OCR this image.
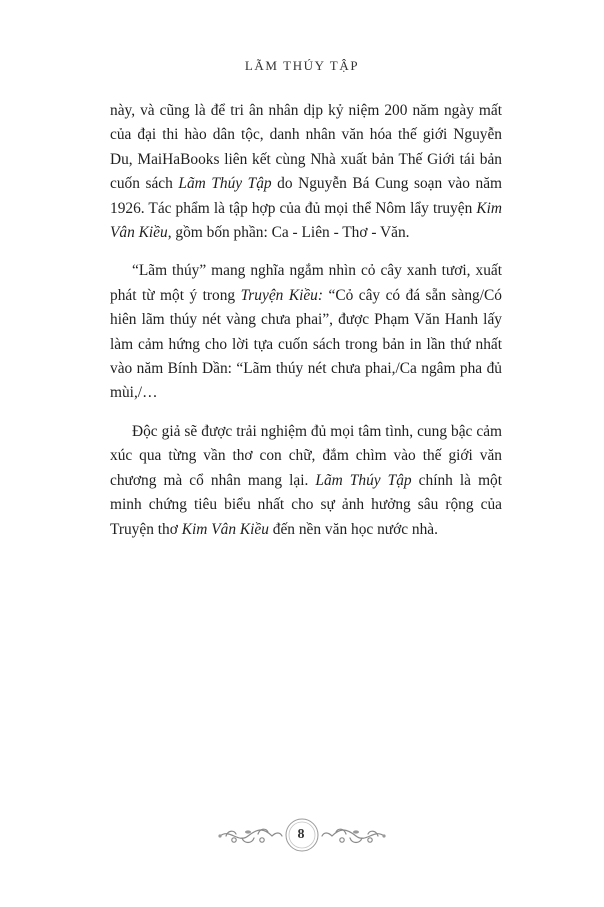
LÃM THÚY TẬP

này, và cũng là để tri ân nhân dịp kỷ niệm 200 năm ngày mất của đại thi hào dân tộc, danh nhân văn hóa thế giới Nguyễn Du, MaiHaBooks liên kết cùng Nhà xuất bản Thế Giới tái bản cuốn sách Lãm Thúy Tập do Nguyễn Bá Cung soạn vào năm 1926. Tác phẩm là tập hợp của đủ mọi thể Nôm lẩy truyện Kim Vân Kiều, gồm bốn phần: Ca - Liên - Thơ - Văn.

“Lãm thúy” mang nghĩa ngắm nhìn cỏ cây xanh tươi, xuất phát từ một ý trong Truyện Kiều: “Cỏ cây có đá sẵn sàng/Có hiên lãm thúy nét vàng chưa phai”, được Phạm Văn Hanh lấy làm cảm hứng cho lời tựa cuốn sách trong bản in lần thứ nhất vào năm Bính Dần: “Lãm thúy nét chưa phai,/Ca ngâm pha đủ mùi,/…

Độc giả sẽ được trải nghiệm đủ mọi tâm tình, cung bậc cảm xúc qua từng vần thơ con chữ, đắm chìm vào thế giới văn chương mà cổ nhân mang lại. Lãm Thúy Tập chính là một minh chứng tiêu biểu nhất cho sự ảnh hưởng sâu rộng của Truyện thơ Kim Vân Kiều đến nền văn học nước nhà.

8
